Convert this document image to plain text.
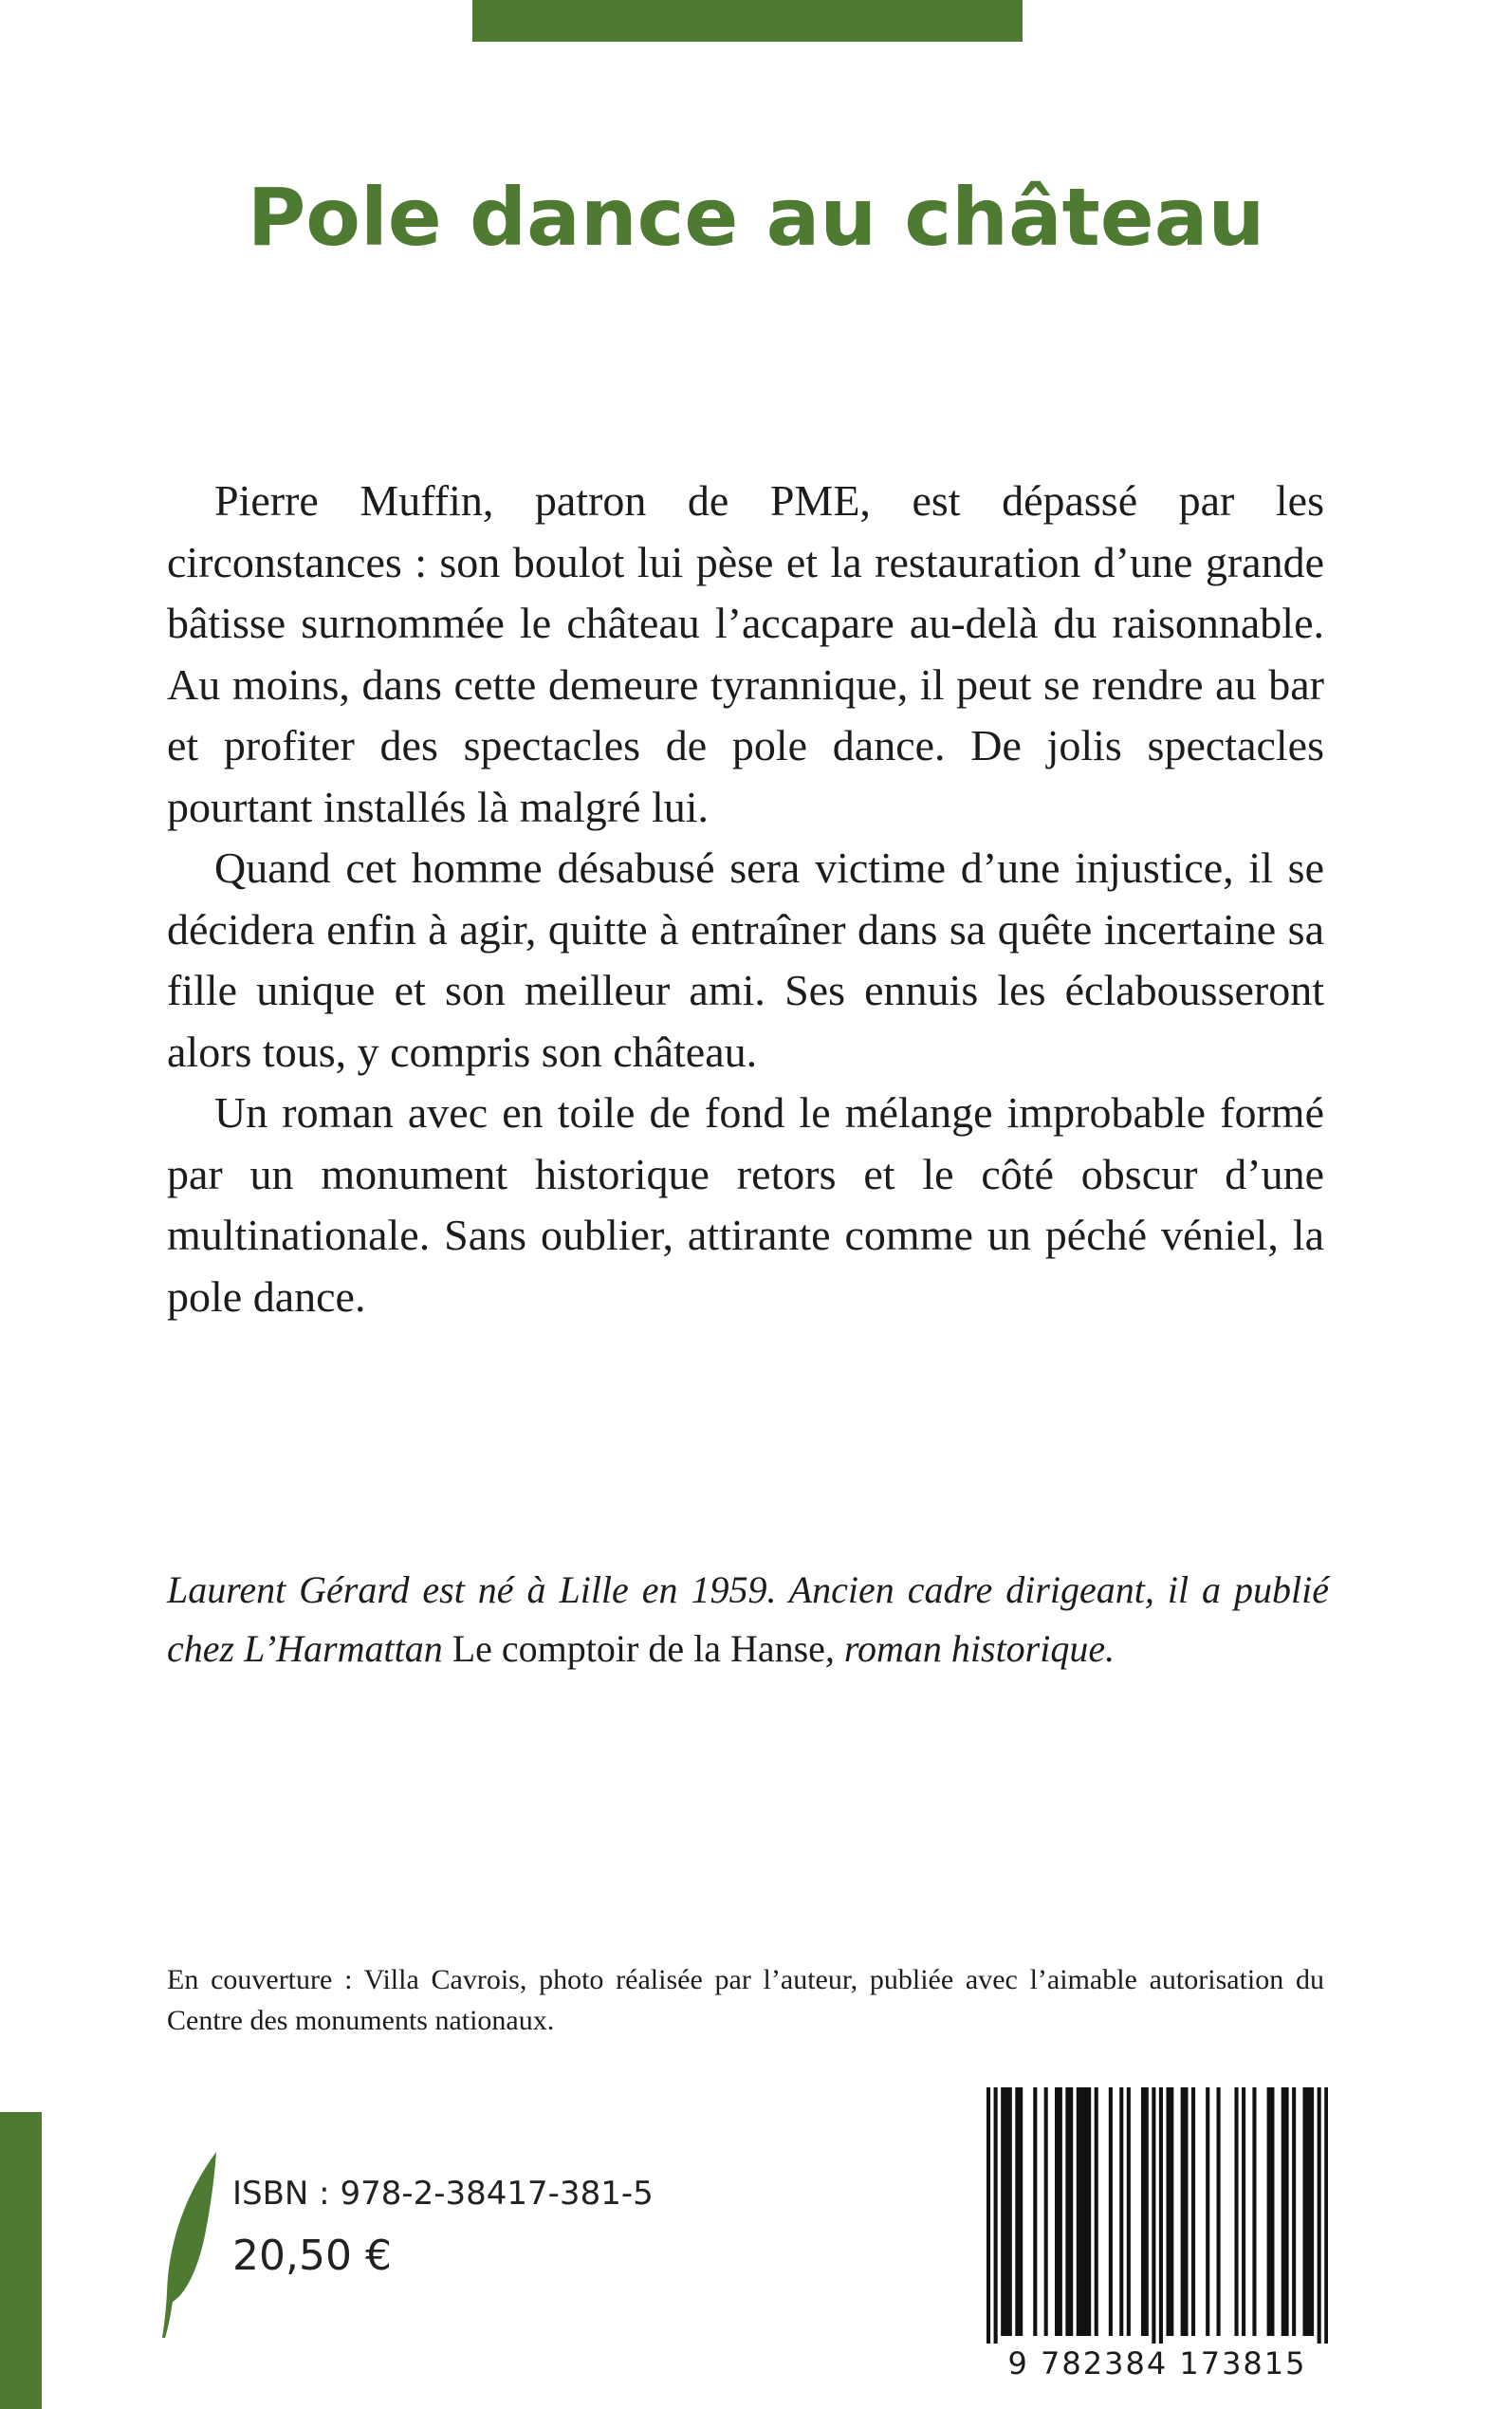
Pole dance au château

Pierre Muffin, patron de PME, est dépassé par les circonstances : son boulot lui pèse et la restauration d’une grande bâtisse surnommée le château l’accapare au-delà du raisonnable. Au moins, dans cette demeure tyrannique, il peut se rendre au bar et profiter des spectacles de pole dance. De jolis spectacles pourtant installés là malgré lui.

Quand cet homme désabusé sera victime d’une injustice, il se décidera enfin à agir, quitte à entraîner dans sa quête incertaine sa fille unique et son meilleur ami. Ses ennuis les éclabousseront alors tous, y compris son château.

Un roman avec en toile de fond le mélange improbable formé par un monument historique retors et le côté obscur d’une multinationale. Sans oublier, attirante comme un péché véniel, la pole dance.

Laurent Gérard est né à Lille en 1959. Ancien cadre dirigeant, il a publié chez L’Harmattan Le comptoir de la Hanse, roman historique.
En couverture : Villa Cavrois, photo réalisée par l’auteur, publiée avec l’aimable autorisation du Centre des monuments nationaux.
ISBN : 978-2-38417-381-5
20,50 €
9 782384 173815
